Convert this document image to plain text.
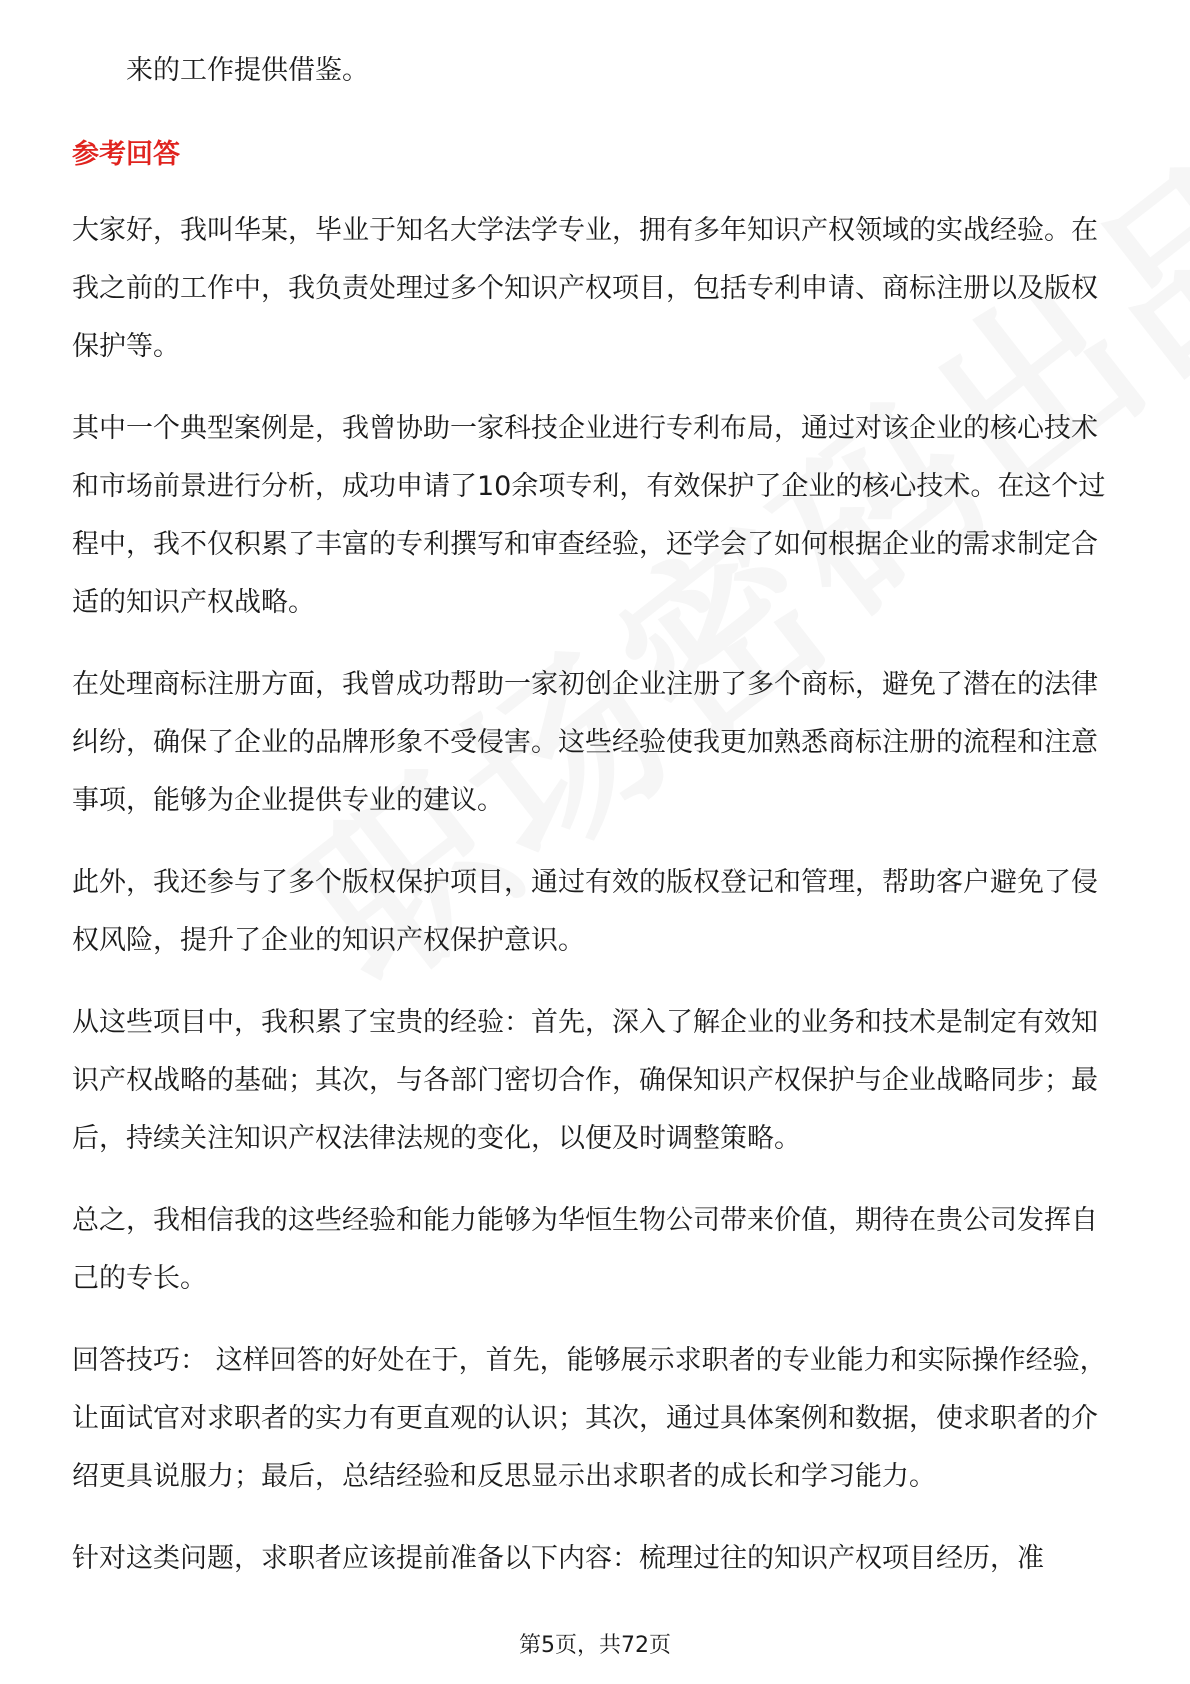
来的工作提供借鉴。

参考回答

大家好，我叫华某，毕业于知名大学法学专业，拥有多年知识产权领域的实战经验。在我之前的工作中，我负责处理过多个知识产权项目，包括专利申请、商标注册以及版权保护等。

其中一个典型案例是，我曾协助一家科技企业进行专利布局，通过对该企业的核心技术和市场前景进行分析，成功申请了10余项专利，有效保护了企业的核心技术。在这个过程中，我不仅积累了丰富的专利撰写和审查经验，还学会了如何根据企业的需求制定合适的知识产权战略。

在处理商标注册方面，我曾成功帮助一家初创企业注册了多个商标，避免了潜在的法律纠纷，确保了企业的品牌形象不受侵害。这些经验使我更加熟悉商标注册的流程和注意事项，能够为企业提供专业的建议。

此外，我还参与了多个版权保护项目，通过有效的版权登记和管理，帮助客户避免了侵权风险，提升了企业的知识产权保护意识。

从这些项目中，我积累了宝贵的经验：首先，深入了解企业的业务和技术是制定有效知识产权战略的基础；其次，与各部门密切合作，确保知识产权保护与企业战略同步；最后，持续关注知识产权法律法规的变化，以便及时调整策略。

总之，我相信我的这些经验和能力能够为华恒生物公司带来价值，期待在贵公司发挥自己的专长。

回答技巧： 这样回答的好处在于，首先，能够展示求职者的专业能力和实际操作经验，让面试官对求职者的实力有更直观的认识；其次，通过具体案例和数据，使求职者的介绍更具说服力；最后，总结经验和反思显示出求职者的成长和学习能力。

针对这类问题，求职者应该提前准备以下内容：梳理过往的知识产权项目经历，准

第5页，共72页
